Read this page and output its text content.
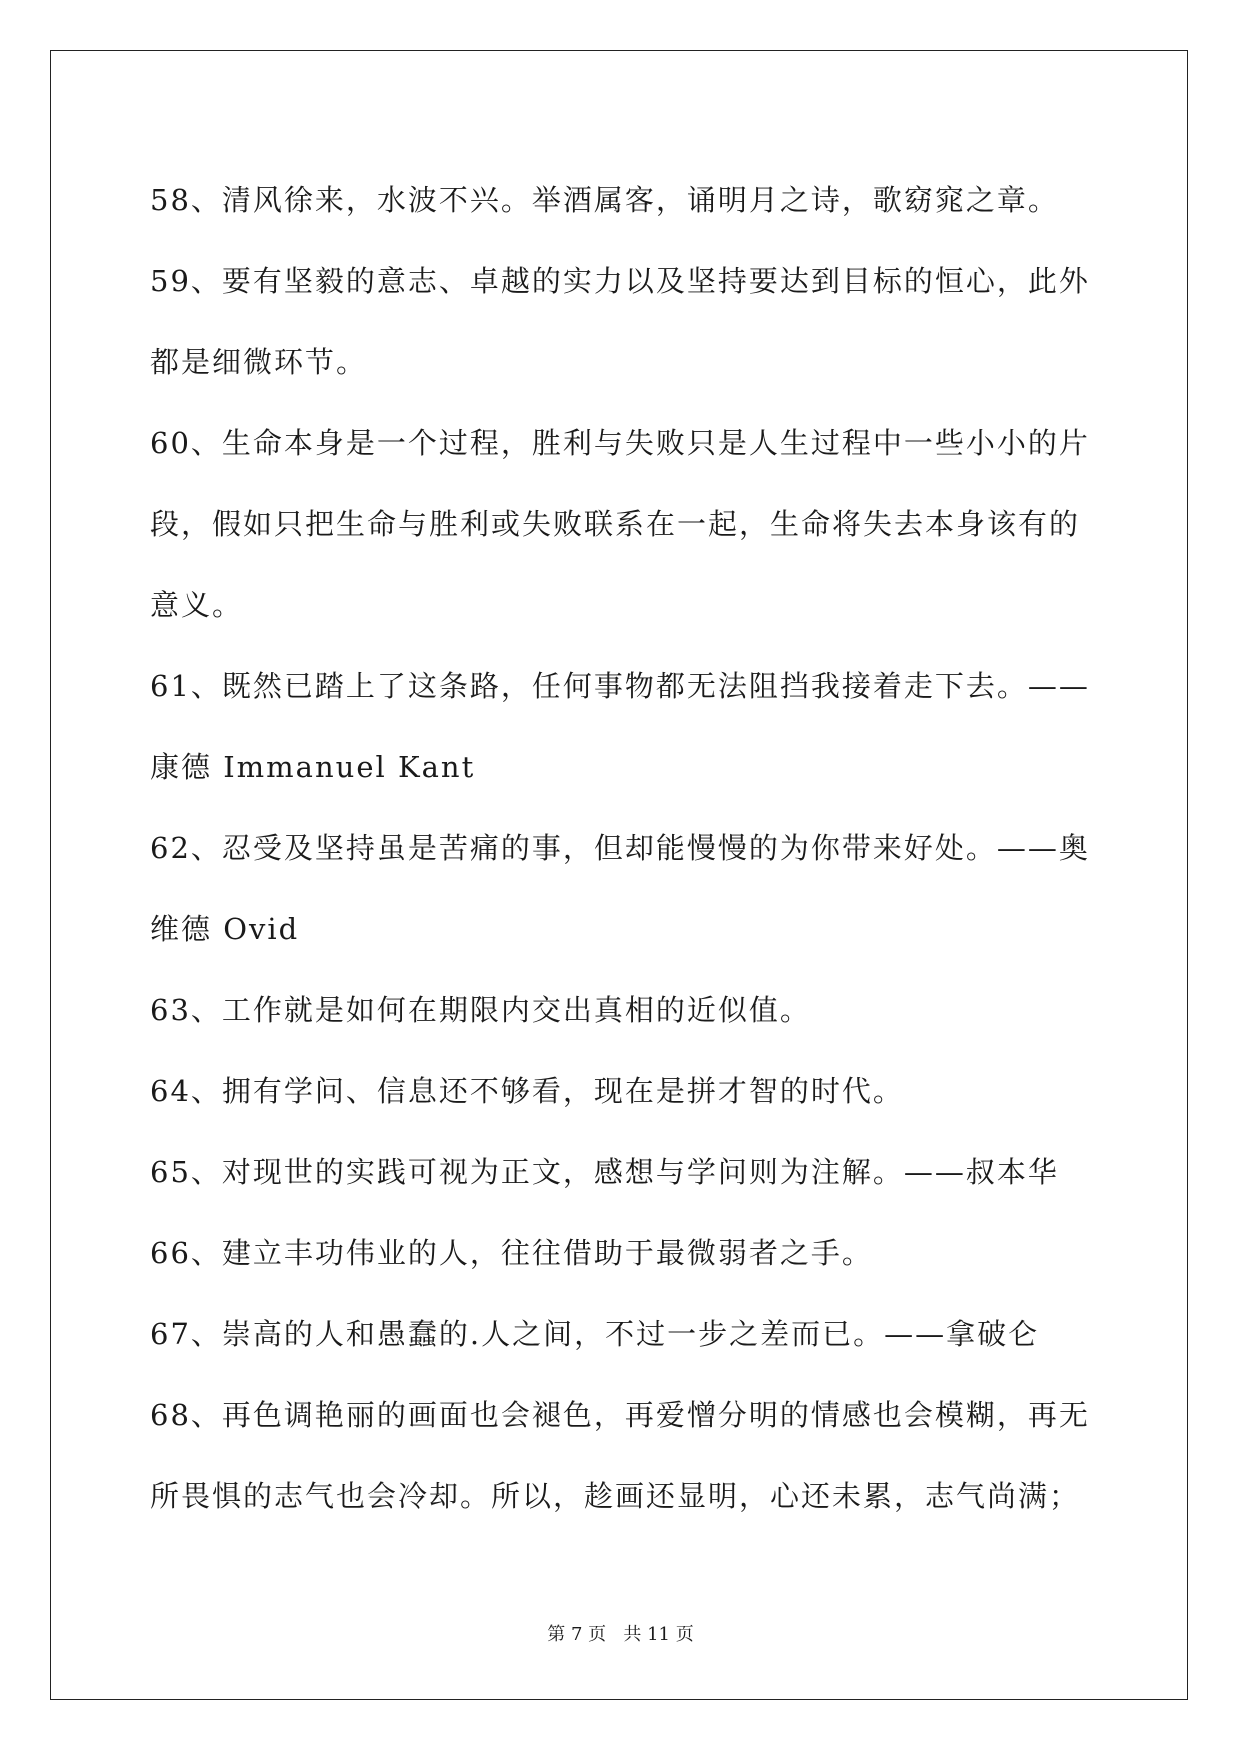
58、清风徐来，水波不兴。举酒属客，诵明月之诗，歌窈窕之章。

59、要有坚毅的意志、卓越的实力以及坚持要达到目标的恒心，此外都是细微环节。

60、生命本身是一个过程，胜利与失败只是人生过程中一些小小的片段，假如只把生命与胜利或失败联系在一起，生命将失去本身该有的意义。

61、既然已踏上了这条路，任何事物都无法阻挡我接着走下去。——康德 Immanuel Kant

62、忍受及坚持虽是苦痛的事，但却能慢慢的为你带来好处。——奥维德 Ovid

63、工作就是如何在期限内交出真相的近似值。

64、拥有学问、信息还不够看，现在是拼才智的时代。

65、对现世的实践可视为正文，感想与学问则为注解。——叔本华

66、建立丰功伟业的人，往往借助于最微弱者之手。

67、崇高的人和愚蠢的.人之间，不过一步之差而已。——拿破仑

68、再色调艳丽的画面也会褪色，再爱憎分明的情感也会模糊，再无所畏惧的志气也会冷却。所以，趁画还显明，心还未累，志气尚满；

第 7 页 共 11 页
